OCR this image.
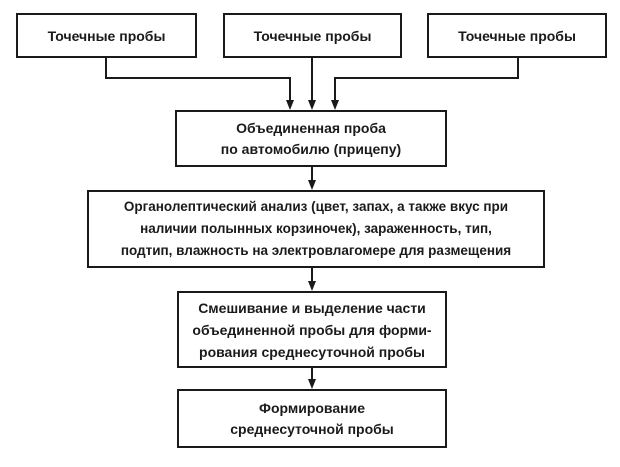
Точечные пробы	Точечные пробы	Точечные пробы
Объединенная проба
по автомобилю (прицепу)
Органолептический анализ (цвет, запах, а также вкус при
наличии полынных корзиночек), зараженность, тип,
подтип, влажность на электровлагомере для размещения
Смешивание и выделение части
объединенной пробы для форми-
рования среднесуточной пробы
Формирование
среднесуточной пробы
